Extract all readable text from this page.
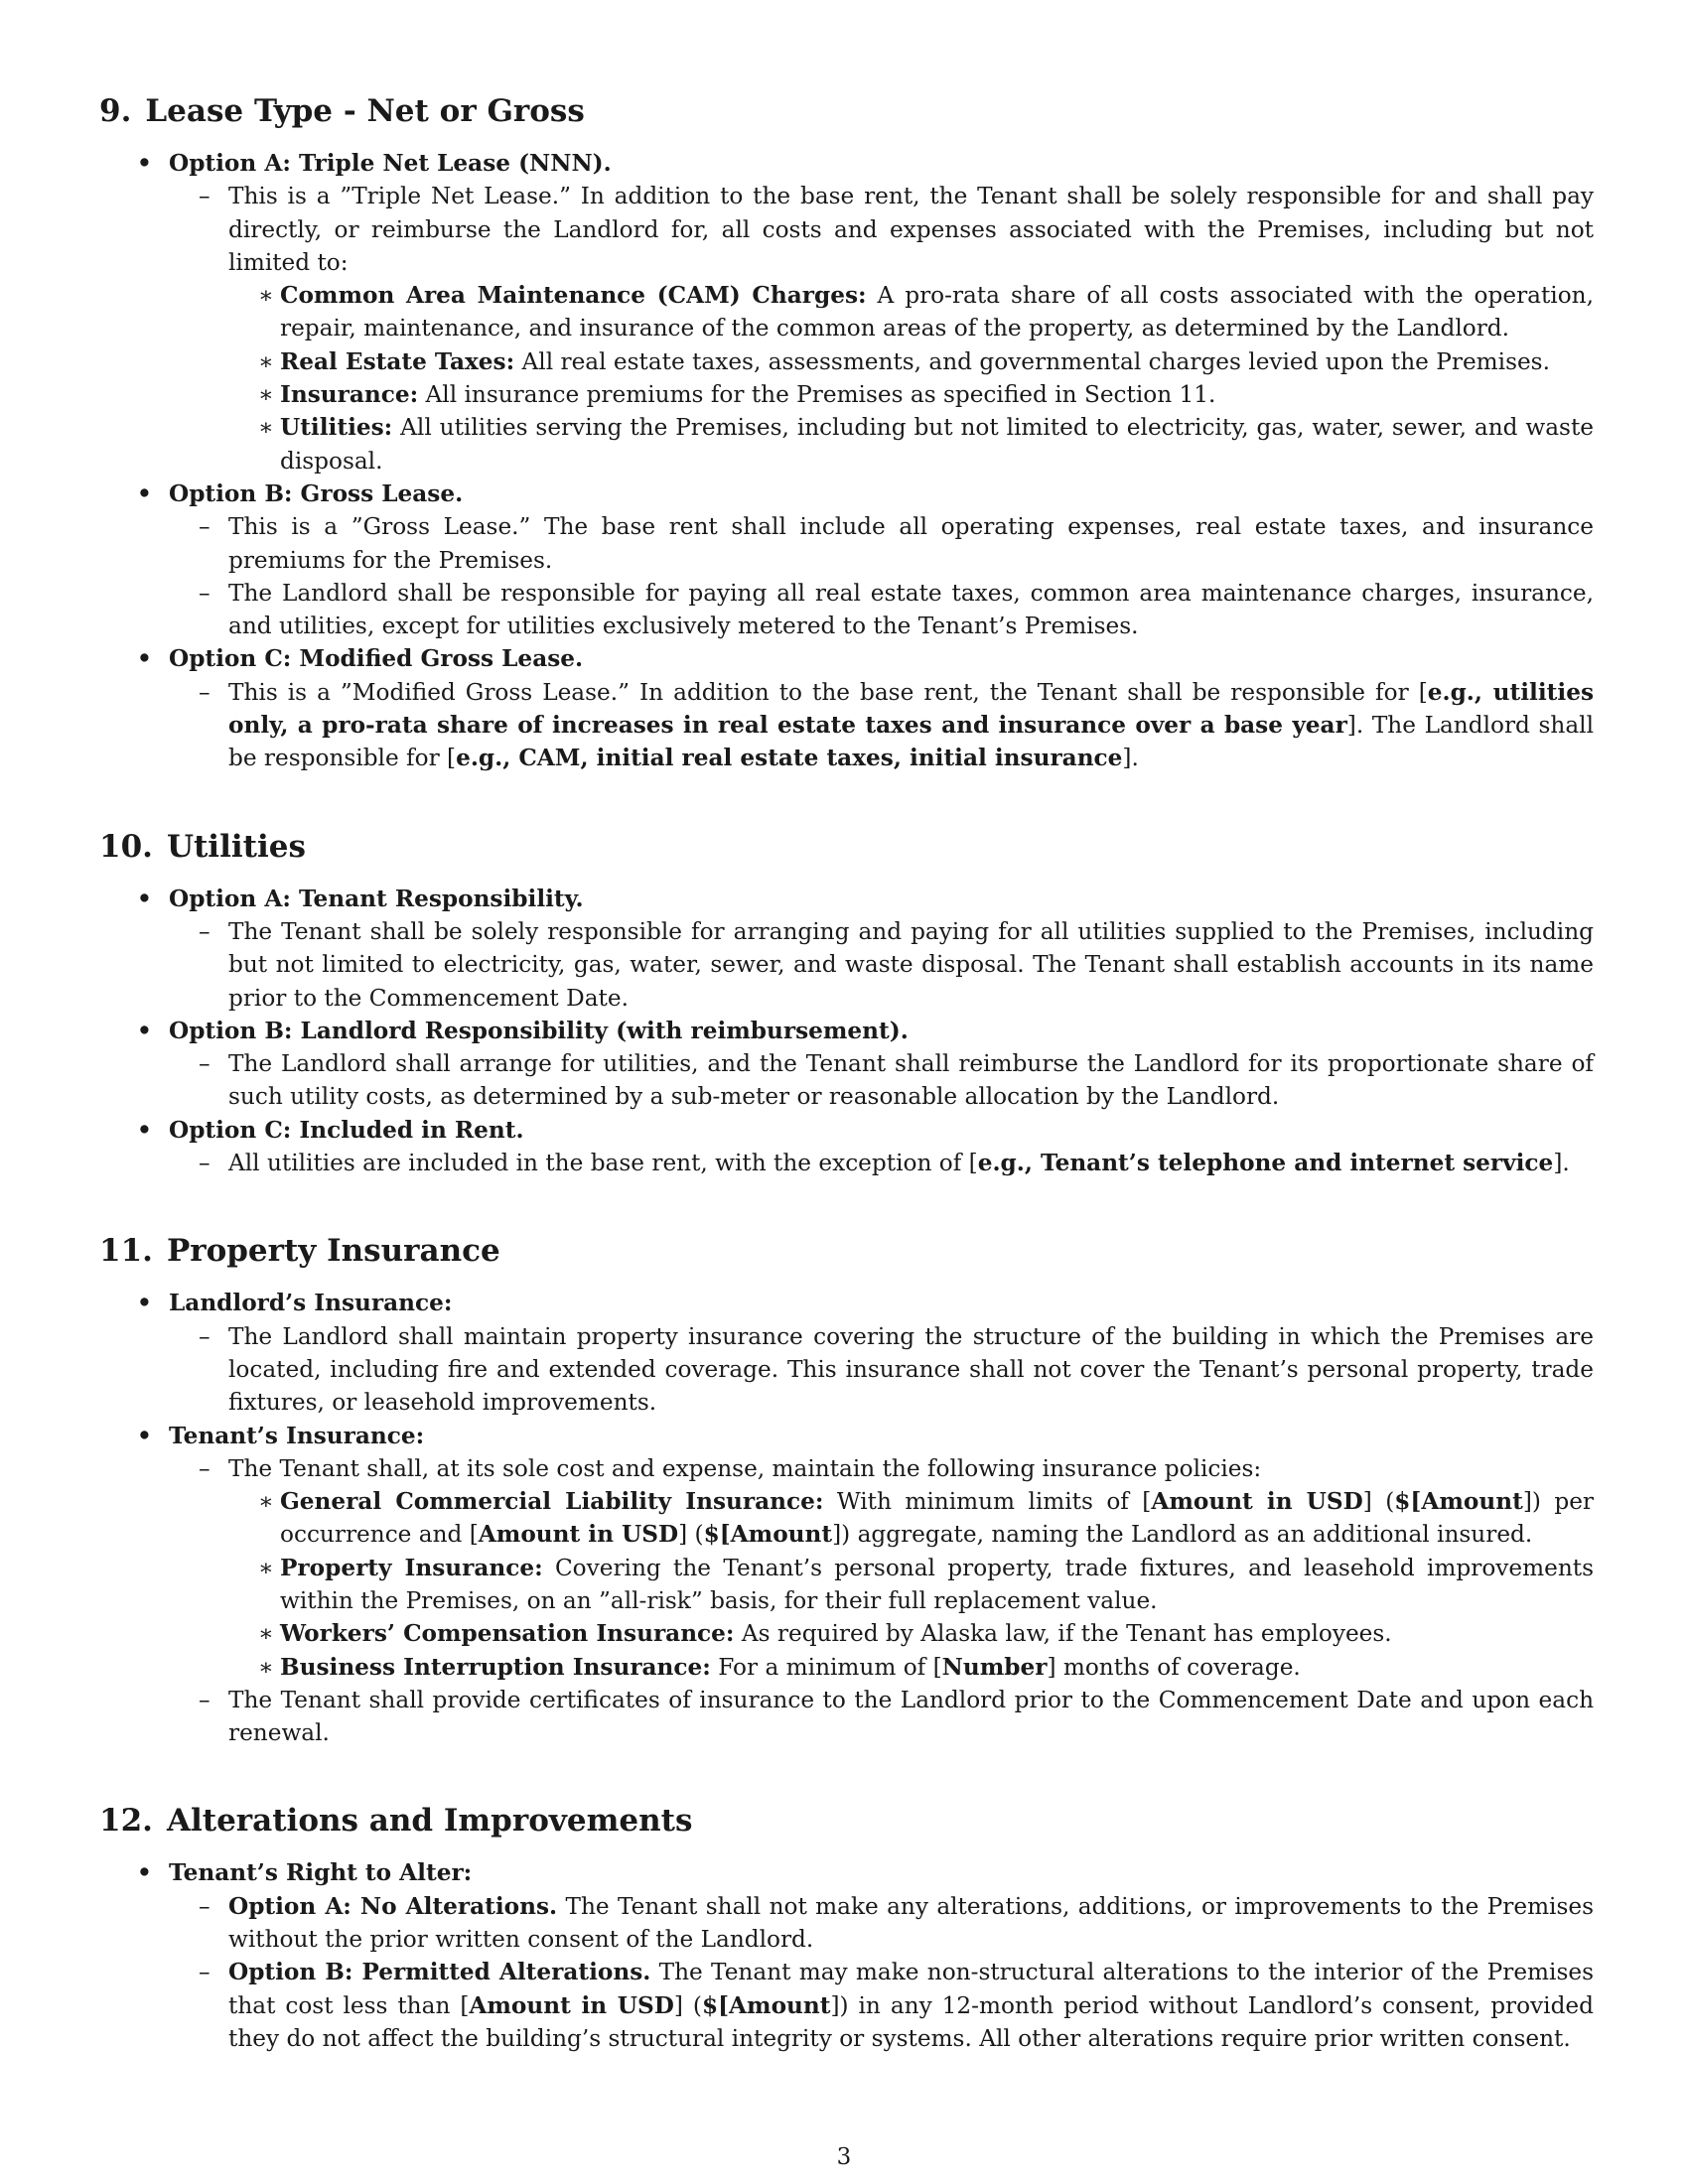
9. Lease Type - Net or Gross
• Option A: Triple Net Lease (NNN).
– This is a ”Triple Net Lease.” In addition to the base rent, the Tenant shall be solely responsible for and shall pay directly, or reimburse the Landlord for, all costs and expenses associated with the Premises, including but not limited to:
∗ Common Area Maintenance (CAM) Charges: A pro-rata share of all costs associated with the operation, repair, maintenance, and insurance of the common areas of the property, as determined by the Landlord.
∗ Real Estate Taxes: All real estate taxes, assessments, and governmental charges levied upon the Premises.
∗ Insurance: All insurance premiums for the Premises as specified in Section 11.
∗ Utilities: All utilities serving the Premises, including but not limited to electricity, gas, water, sewer, and waste disposal.
• Option B: Gross Lease.
– This is a ”Gross Lease.” The base rent shall include all operating expenses, real estate taxes, and insurance premiums for the Premises.
– The Landlord shall be responsible for paying all real estate taxes, common area maintenance charges, insurance, and utilities, except for utilities exclusively metered to the Tenant’s Premises.
• Option C: Modified Gross Lease.
– This is a ”Modified Gross Lease.” In addition to the base rent, the Tenant shall be responsible for [e.g., utilities only, a pro-rata share of increases in real estate taxes and insurance over a base year]. The Landlord shall be responsible for [e.g., CAM, initial real estate taxes, initial insurance].
10. Utilities
• Option A: Tenant Responsibility.
– The Tenant shall be solely responsible for arranging and paying for all utilities supplied to the Premises, including but not limited to electricity, gas, water, sewer, and waste disposal. The Tenant shall establish accounts in its name prior to the Commencement Date.
• Option B: Landlord Responsibility (with reimbursement).
– The Landlord shall arrange for utilities, and the Tenant shall reimburse the Landlord for its proportionate share of such utility costs, as determined by a sub-meter or reasonable allocation by the Landlord.
• Option C: Included in Rent.
– All utilities are included in the base rent, with the exception of [e.g., Tenant’s telephone and internet service].
11. Property Insurance
• Landlord’s Insurance:
– The Landlord shall maintain property insurance covering the structure of the building in which the Premises are located, including fire and extended coverage. This insurance shall not cover the Tenant’s personal property, trade fixtures, or leasehold improvements.
• Tenant’s Insurance:
– The Tenant shall, at its sole cost and expense, maintain the following insurance policies:
∗ General Commercial Liability Insurance: With minimum limits of [Amount in USD] ($[Amount]) per occurrence and [Amount in USD] ($[Amount]) aggregate, naming the Landlord as an additional insured.
∗ Property Insurance: Covering the Tenant’s personal property, trade fixtures, and leasehold improvements within the Premises, on an ”all-risk” basis, for their full replacement value.
∗ Workers’ Compensation Insurance: As required by Alaska law, if the Tenant has employees.
∗ Business Interruption Insurance: For a minimum of [Number] months of coverage.
– The Tenant shall provide certificates of insurance to the Landlord prior to the Commencement Date and upon each renewal.
12. Alterations and Improvements
• Tenant’s Right to Alter:
– Option A: No Alterations. The Tenant shall not make any alterations, additions, or improvements to the Premises without the prior written consent of the Landlord.
– Option B: Permitted Alterations. The Tenant may make non-structural alterations to the interior of the Premises that cost less than [Amount in USD] ($[Amount]) in any 12-month period without Landlord’s consent, provided they do not affect the building’s structural integrity or systems. All other alterations require prior written consent.
3
